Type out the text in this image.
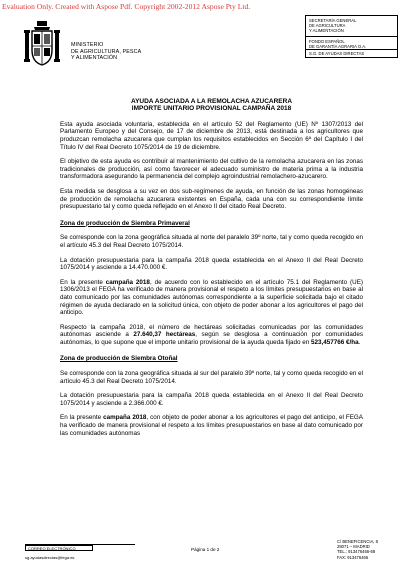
Evaluation Only. Created with Aspose Pdf. Copyright 2002-2012 Aspose Pty Ltd.
MINISTERIO
DE AGRICULTURA, PESCA
Y ALIMENTACIÓN
SECRETARÍA GENERAL
DE AGRICULTURA
Y ALIMENTACIÓN
FONDO ESPAÑOL
DE GARANTÍA AGRARIA O.A.
S.G. DE AYUDAS DIRECTAS
AYUDA ASOCIADA A LA REMOLACHA AZUCARERA
IMPORTE UNITARIO PROVISIONAL CAMPAÑA 2018

Esta ayuda asociada voluntaria, establecida en el artículo 52 del Reglamento (UE) Nº 1307/2013 del Parlamento Europeo y del Consejo, de 17 de diciembre de 2013, está destinada a los agricultores que produzcan remolacha azucarera que cumplan los requisitos establecidos en Sección 6ª del Capítulo I del Título IV del Real Decreto 1075/2014 de 19 de diciembre.

El objetivo de esta ayuda es contribuir al mantenimiento del cultivo de la remolacha azucarera en las zonas tradicionales de producción, así como favorecer el adecuado suministro de materia prima a la industria transformadora asegurando la permanencia del complejo agroindustrial remolachero-azucarero.

Esta medida se desglosa a su vez en dos sub-regímenes de ayuda, en función de las zonas homogéneas de producción de remolacha azucarera existentes en España, cada una con su correspondiente límite presupuestario tal y como queda reflejado en el Anexo II del citado Real Decreto.

Zona de producción de Siembra Primaveral

Se corresponde con la zona geográfica situada al norte del paralelo 39º norte, tal y como queda recogido en el artículo 45.3 del Real Decreto 1075/2014.

La dotación presupuestaria para la campaña 2018 queda establecida en el Anexo II del Real Decreto 1075/2014 y asciende a 14.470.000 €.

En la presente campaña 2018, de acuerdo con lo establecido en el artículo 75.1 del Reglamento (UE) 1306/2013 el FEGA ha verificado de manera provisional el respeto a los límites presupuestarios en base al dato comunicado por las comunidades autónomas correspondiente a la superficie solicitada bajo el citado régimen de ayuda declarado en la solicitud única, con objeto de poder abonar a los agricultores el pago del anticipo.

Respecto la campaña 2018, el número de hectáreas solicitadas comunicadas por las comunidades autónomas asciende a 27.640,37 hectáreas, según se desglosa a continuación por comunidades autónomas, lo que supone que el importe unitario provisional de la ayuda queda fijado en 523,457766 €/ha.

Zona de producción de Siembra Otoñal

Se corresponde con la zona geográfica situada al sur del paralelo 39º norte, tal y como queda recogido en el artículo 45.3 del Real Decreto 1075/2014.

La dotación presupuestaria para la campaña 2018 queda establecida en el Anexo II del Real Decreto 1075/2014 y asciende a 2.366.000 €.

En la presente campaña 2018, con objeto de poder abonar a los agricultores el pago del anticipo, el FEGA ha verificado de manera provisional el respeto a los límites presupuestarios en base al dato comunicado por las comunidades autónomas

CORREO ELECTRÓNICO
sg.ayudasdirectas@fega.es
Página 1 de 2
C/ BENEFICENCIA, 8
28071 – MADRID
TEL.: 913476466-68
FAX: 913476465
